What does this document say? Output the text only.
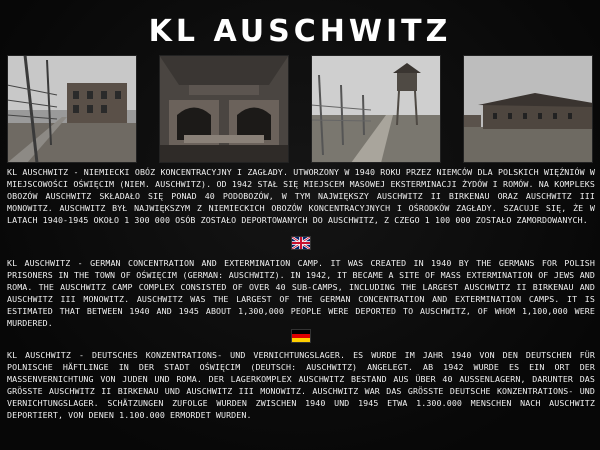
KL AUSCHWITZ
KL AUSCHWITZ - NIEMIECKI OBÓZ KONCENTRACYJNY I ZAGŁADY. UTWORZONY W 1940 ROKU PRZEZ NIEMCÓW DLA POLSKICH WIĘŹNIÓW W MIEJSCOWOŚCI OŚWIĘCIM (NIEM. AUSCHWITZ). OD 1942 STAŁ SIĘ MIEJSCEM MASOWEJ EKSTERMINACJI ŻYDÓW I ROMÓW. NA KOMPLEKS OBOZÓW AUSCHWITZ SKŁADAŁO SIĘ PONAD 40 PODOBOZÓW, W TYM NAJWIĘKSZY AUSCHWITZ II BIRKENAU ORAZ AUSCHWITZ III MONOWITZ. AUSCHWITZ BYŁ NAJWIĘKSZYM Z NIEMIECKICH OBOZÓW KONCENTRACYJNYCH I OŚRODKÓW ZAGŁADY. SZACUJE SIĘ, ŻE W LATACH 1940-1945 OKOŁO 1 300 000 OSÓB ZOSTAŁO DEPORTOWANYCH DO AUSCHWITZ, Z CZEGO 1 100 000 ZOSTAŁO ZAMORDOWANYCH.
KL AUSCHWITZ - GERMAN CONCENTRATION AND EXTERMINATION CAMP. IT WAS CREATED IN 1940 BY THE GERMANS FOR POLISH PRISONERS IN THE TOWN OF OŚWIĘCIM (GERMAN: AUSCHWITZ). IN 1942, IT BECAME A SITE OF MASS EXTERMINATION OF JEWS AND ROMA. THE AUSCHWITZ CAMP COMPLEX CONSISTED OF OVER 40 SUB-CAMPS, INCLUDING THE LARGEST AUSCHWITZ II BIRKENAU AND AUSCHWITZ III MONOWITZ. AUSCHWITZ WAS THE LARGEST OF THE GERMAN CONCENTRATION AND EXTERMINATION CAMPS. IT IS ESTIMATED THAT BETWEEN 1940 AND 1945 ABOUT 1,300,000 PEOPLE WERE DEPORTED TO AUSCHWITZ, OF WHOM 1,100,000 WERE MURDERED.
KL AUSCHWITZ - DEUTSCHES KONZENTRATIONS- UND VERNICHTUNGSLAGER. ES WURDE IM JAHR 1940 VON DEN DEUTSCHEN FÜR POLNISCHE HÄFTLINGE IN DER STADT OŚWIĘCIM (DEUTSCH: AUSCHWITZ) ANGELEGT. AB 1942 WURDE ES EIN ORT DER MASSENVERNICHTUNG VON JUDEN UND ROMA. DER LAGERKOMPLEX AUSCHWITZ BESTAND AUS ÜBER 40 AUSSENLAGERN, DARUNTER DAS GRÖSSTE AUSCHWITZ II BIRKENAU UND AUSCHWITZ III MONOWITZ. AUSCHWITZ WAR DAS GRÖSSTE DEUTSCHE KONZENTRATIONS- UND VERNICHTUNGSLAGER. SCHÄTZUNGEN ZUFOLGE WURDEN ZWISCHEN 1940 UND 1945 ETWA 1.300.000 MENSCHEN NACH AUSCHWITZ DEPORTIERT, VON DENEN 1.100.000 ERMORDET WURDEN.
